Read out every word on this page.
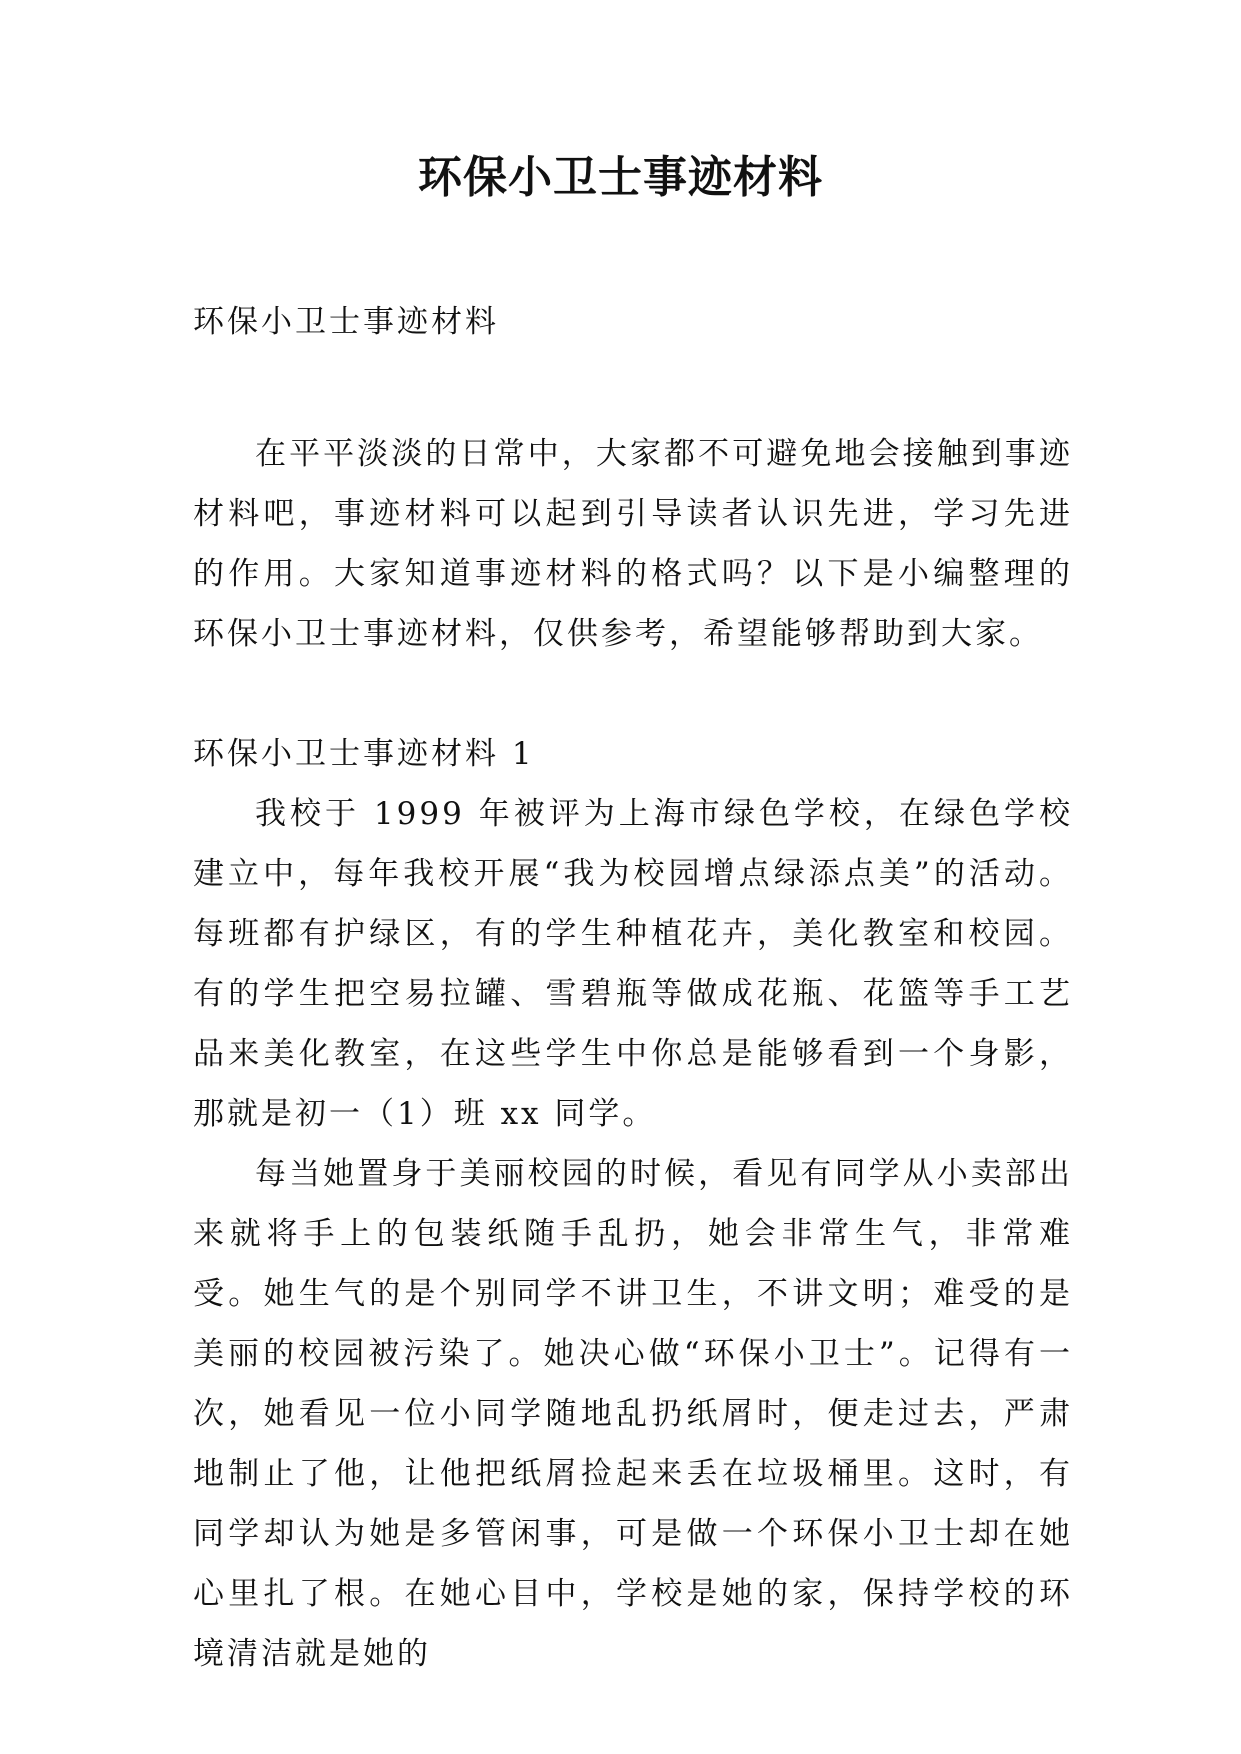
环保小卫士事迹材料

环保小卫士事迹材料

在平平淡淡的日常中，大家都不可避免地会接触到事迹材料吧，事迹材料可以起到引导读者认识先进，学习先进的作用。大家知道事迹材料的格式吗？以下是小编整理的环保小卫士事迹材料，仅供参考，希望能够帮助到大家。

环保小卫士事迹材料 1

我校于 1999 年被评为上海市绿色学校，在绿色学校建立中，每年我校开展“我为校园增点绿添点美”的活动。每班都有护绿区，有的学生种植花卉，美化教室和校园。有的学生把空易拉罐、雪碧瓶等做成花瓶、花篮等手工艺品来美化教室，在这些学生中你总是能够看到一个身影，那就是初一（1）班 xx 同学。

每当她置身于美丽校园的时候，看见有同学从小卖部出来就将手上的包装纸随手乱扔，她会非常生气，非常难受。她生气的是个别同学不讲卫生，不讲文明；难受的是美丽的校园被污染了。她决心做“环保小卫士”。记得有一次，她看见一位小同学随地乱扔纸屑时，便走过去，严肃地制止了他，让他把纸屑捡起来丢在垃圾桶里。这时，有同学却认为她是多管闲事，可是做一个环保小卫士却在她心里扎了根。在她心目中，学校是她的家，保持学校的环境清洁就是她的
